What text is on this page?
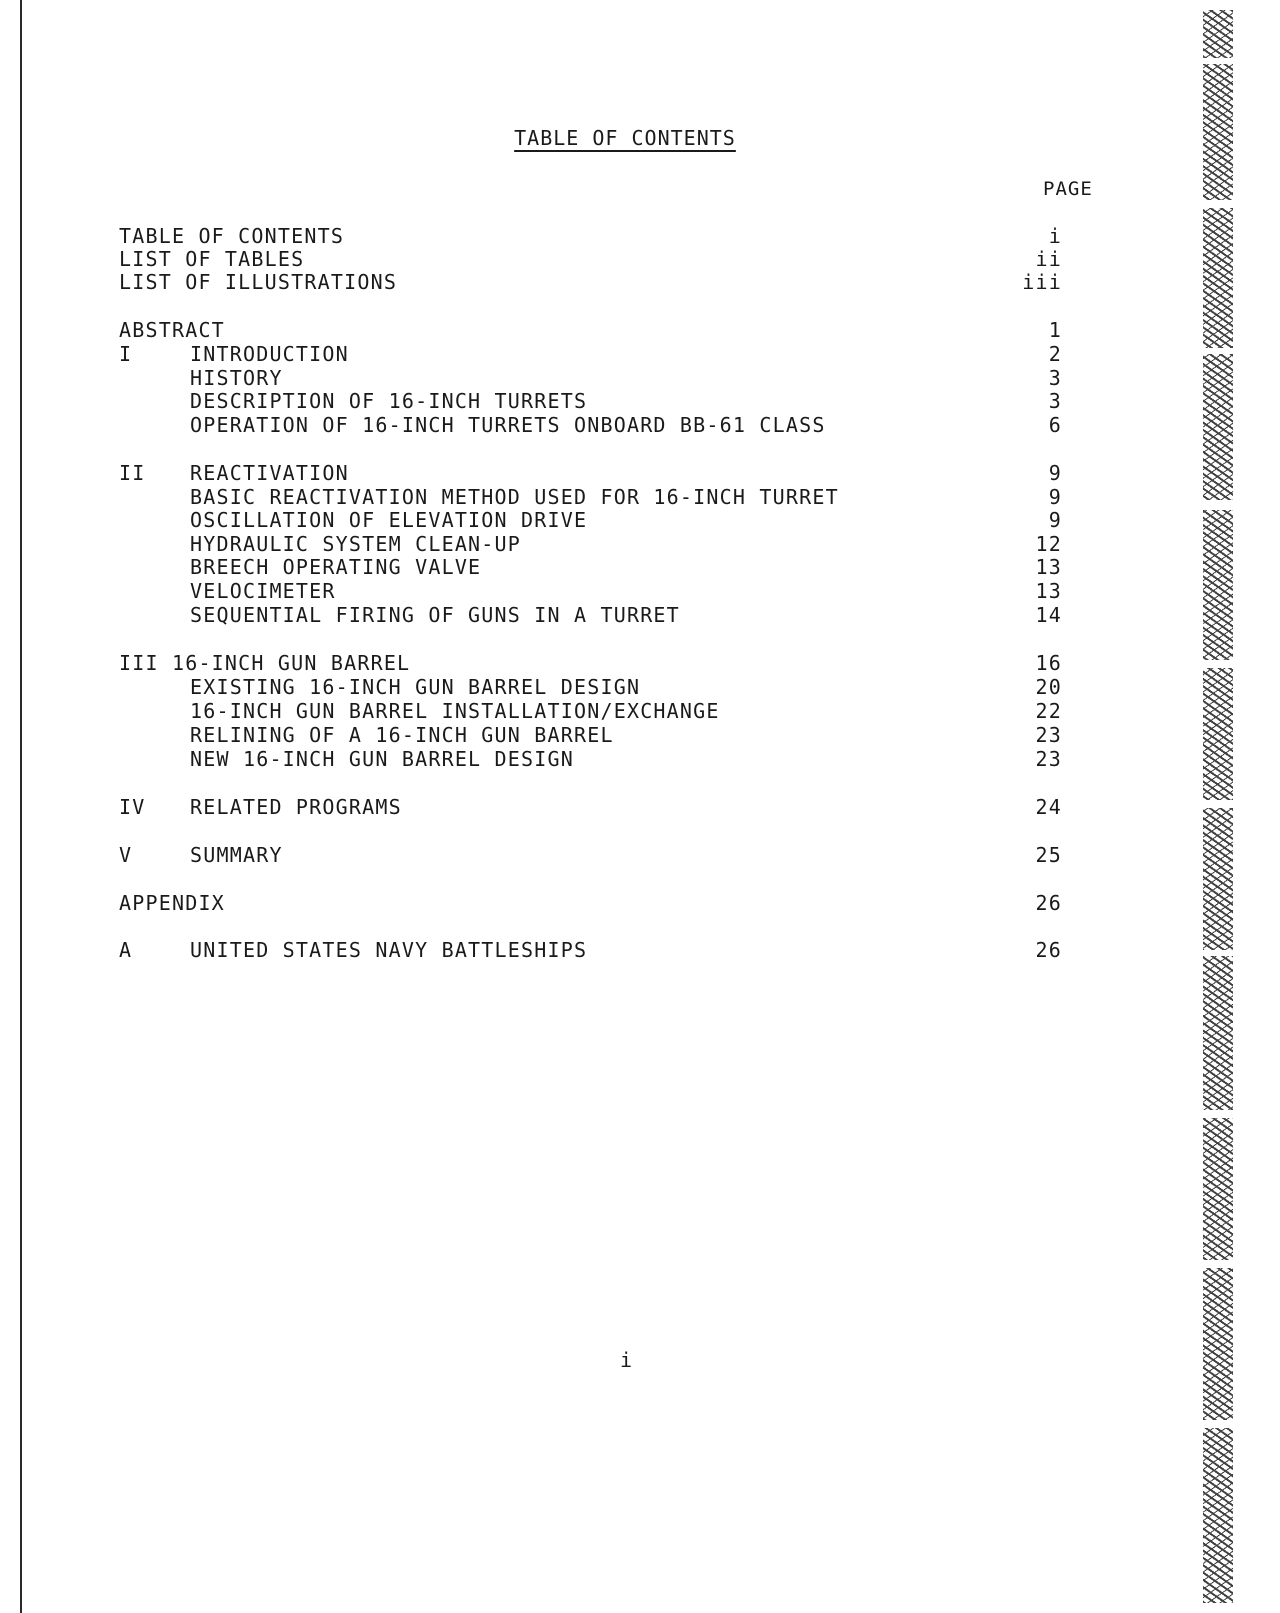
TABLE OF CONTENTS
PAGE
TABLE OF CONTENTS	i
LIST OF TABLES	ii
LIST OF ILLUSTRATIONS	iii
ABSTRACT	1
I	INTRODUCTION	2
HISTORY	3
DESCRIPTION OF 16-INCH TURRETS	3
OPERATION OF 16-INCH TURRETS ONBOARD BB-61 CLASS	6
II REACTIVATION	9
BASIC REACTIVATION METHOD USED FOR 16-INCH TURRET	9
OSCILLATION OF ELEVATION DRIVE	9
HYDRAULIC SYSTEM CLEAN-UP	12
BREECH OPERATING VALVE	13
VELOCIMETER	13
SEQUENTIAL FIRING OF GUNS IN A TURRET	14
III 16-INCH GUN BARREL	16
EXISTING 16-INCH GUN BARREL DESIGN	20
16-INCH GUN BARREL INSTALLATION/EXCHANGE	22
RELINING OF A 16-INCH GUN BARREL	23
NEW 16-INCH GUN BARREL DESIGN	23
IV RELATED PROGRAMS	24
V	SUMMARY	25
APPENDIX	26
A	UNITED STATES NAVY BATTLESHIPS	26
i
